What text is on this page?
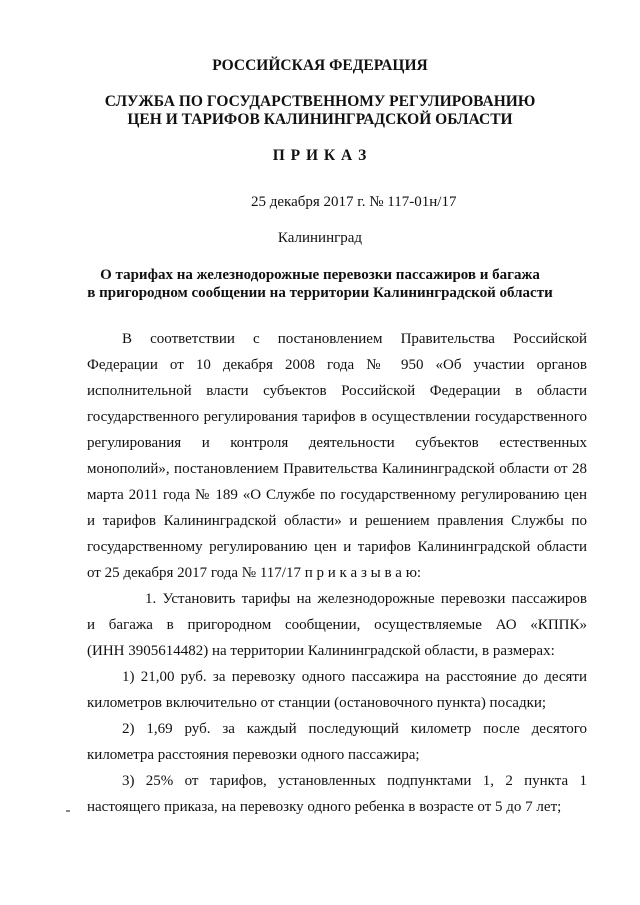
РОССИЙСКАЯ ФЕДЕРАЦИЯ
СЛУЖБА ПО ГОСУДАРСТВЕННОМУ РЕГУЛИРОВАНИЮ
ЦЕН И ТАРИФОВ КАЛИНИНГРАДСКОЙ ОБЛАСТИ
П Р И К А З
25 декабря 2017 г. № 117-01н/17
Калининград
О тарифах на железнодорожные перевозки пассажиров и багажа
в пригородном сообщении на территории Калининградской области
В соответствии с постановлением Правительства Российской
Федерации от 10 декабря 2008 года № 950 «Об участии органов
исполнительной власти субъектов Российской Федерации в области
государственного регулирования тарифов в осуществлении государственного
регулирования и контроля деятельности субъектов естественных
монополий», постановлением Правительства Калининградской области от 28
марта 2011 года № 189 «О Службе по государственному регулированию цен
и тарифов Калининградской области» и решением правления Службы по
государственному регулированию цен и тарифов Калининградской области
от 25 декабря 2017 года № 117/17 п р и к а з ы в а ю:
1. Установить тарифы на железнодорожные перевозки пассажиров
и багажа в пригородном сообщении, осуществляемые АО «КППК»
(ИНН 3905614482) на территории Калининградской области, в размерах:
1) 21,00 руб. за перевозку одного пассажира на расстояние до десяти
километров включительно от станции (остановочного пункта) посадки;
2) 1,69 руб. за каждый последующий километр после десятого
километра расстояния перевозки одного пассажира;
3) 25% от тарифов, установленных подпунктами 1, 2 пункта 1
настоящего приказа, на перевозку одного ребенка в возрасте от 5 до 7 лет;
